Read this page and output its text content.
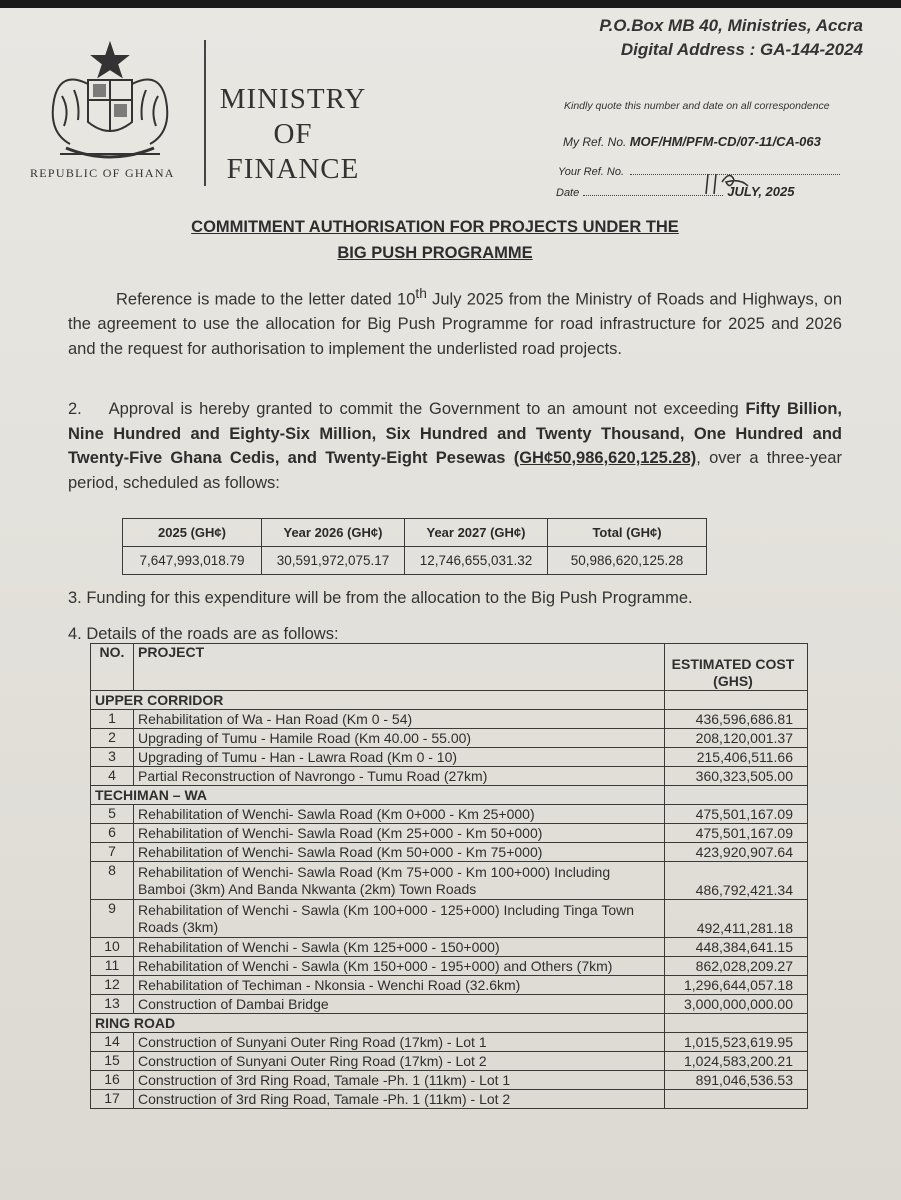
REPUBLIC OF GHANA
MINISTRY
OF
FINANCE
P.O.Box MB 40, Ministries, Accra
Digital Address : GA-144-2024
Kindly quote this number and date on all correspondence
My Ref. No. MOF/HM/PFM-CD/07-11/CA-063
Your Ref. No.
Date	JULY, 2025
COMMITMENT AUTHORISATION FOR PROJECTS UNDER THE
BIG PUSH PROGRAMME
Reference is made to the letter dated 10th July 2025 from the Ministry of Roads and Highways, on the agreement to use the allocation for Big Push Programme for road infrastructure for 2025 and 2026 and the request for authorisation to implement the underlisted road projects.
2. Approval is hereby granted to commit the Government to an amount not exceeding Fifty Billion, Nine Hundred and Eighty-Six Million, Six Hundred and Twenty Thousand, One Hundred and Twenty-Five Ghana Cedis, and Twenty-Eight Pesewas (GH¢50,986,620,125.28), over a three-year period, scheduled as follows:
2025 (GH¢)	Year 2026 (GH¢)	Year 2027 (GH¢)	Total (GH¢)
7,647,993,018.79	30,591,972,075.17	12,746,655,031.32	50,986,620,125.28
3. Funding for this expenditure will be from the allocation to the Big Push Programme.
4. Details of the roads are as follows:
NO.	PROJECT	ESTIMATED COST
(GHS)

UPPER CORRIDOR		
1	Rehabilitation of Wa - Han Road (Km 0 - 54)	436,596,686.81
2	Upgrading of Tumu - Hamile Road (Km 40.00 - 55.00)	208,120,001.37
3	Upgrading of Tumu - Han - Lawra Road (Km 0 - 10)	215,406,511.66
4	Partial Reconstruction of Navrongo - Tumu Road (27km)	360,323,505.00
TECHIMAN – WA		
5	Rehabilitation of Wenchi- Sawla Road (Km 0+000 - Km 25+000)	475,501,167.09
6	Rehabilitation of Wenchi- Sawla Road (Km 25+000 - Km 50+000)	475,501,167.09
7	Rehabilitation of Wenchi- Sawla Road (Km 50+000 - Km 75+000)	423,920,907.64
8	Rehabilitation of Wenchi- Sawla Road (Km 75+000 - Km 100+000) Including Bamboi (3km) And Banda Nkwanta (2km) Town Roads	486,792,421.34
9	Rehabilitation of Wenchi - Sawla (Km 100+000 - 125+000) Including Tinga Town Roads (3km)	492,411,281.18
10	Rehabilitation of Wenchi - Sawla (Km 125+000 - 150+000)	448,384,641.15
11	Rehabilitation of Wenchi - Sawla (Km 150+000 - 195+000) and Others (7km)	862,028,209.27
12	Rehabilitation of Techiman - Nkonsia - Wenchi Road (32.6km)	1,296,644,057.18
13	Construction of Dambai Bridge	3,000,000,000.00
RING ROAD		
14	Construction of Sunyani Outer Ring Road (17km) - Lot 1	1,015,523,619.95
15	Construction of Sunyani Outer Ring Road (17km) - Lot 2	1,024,583,200.21
16	Construction of 3rd Ring Road, Tamale -Ph. 1 (11km) - Lot 1	891,046,536.53
17	Construction of 3rd Ring Road, Tamale -Ph. 1 (11km) - Lot 2	
